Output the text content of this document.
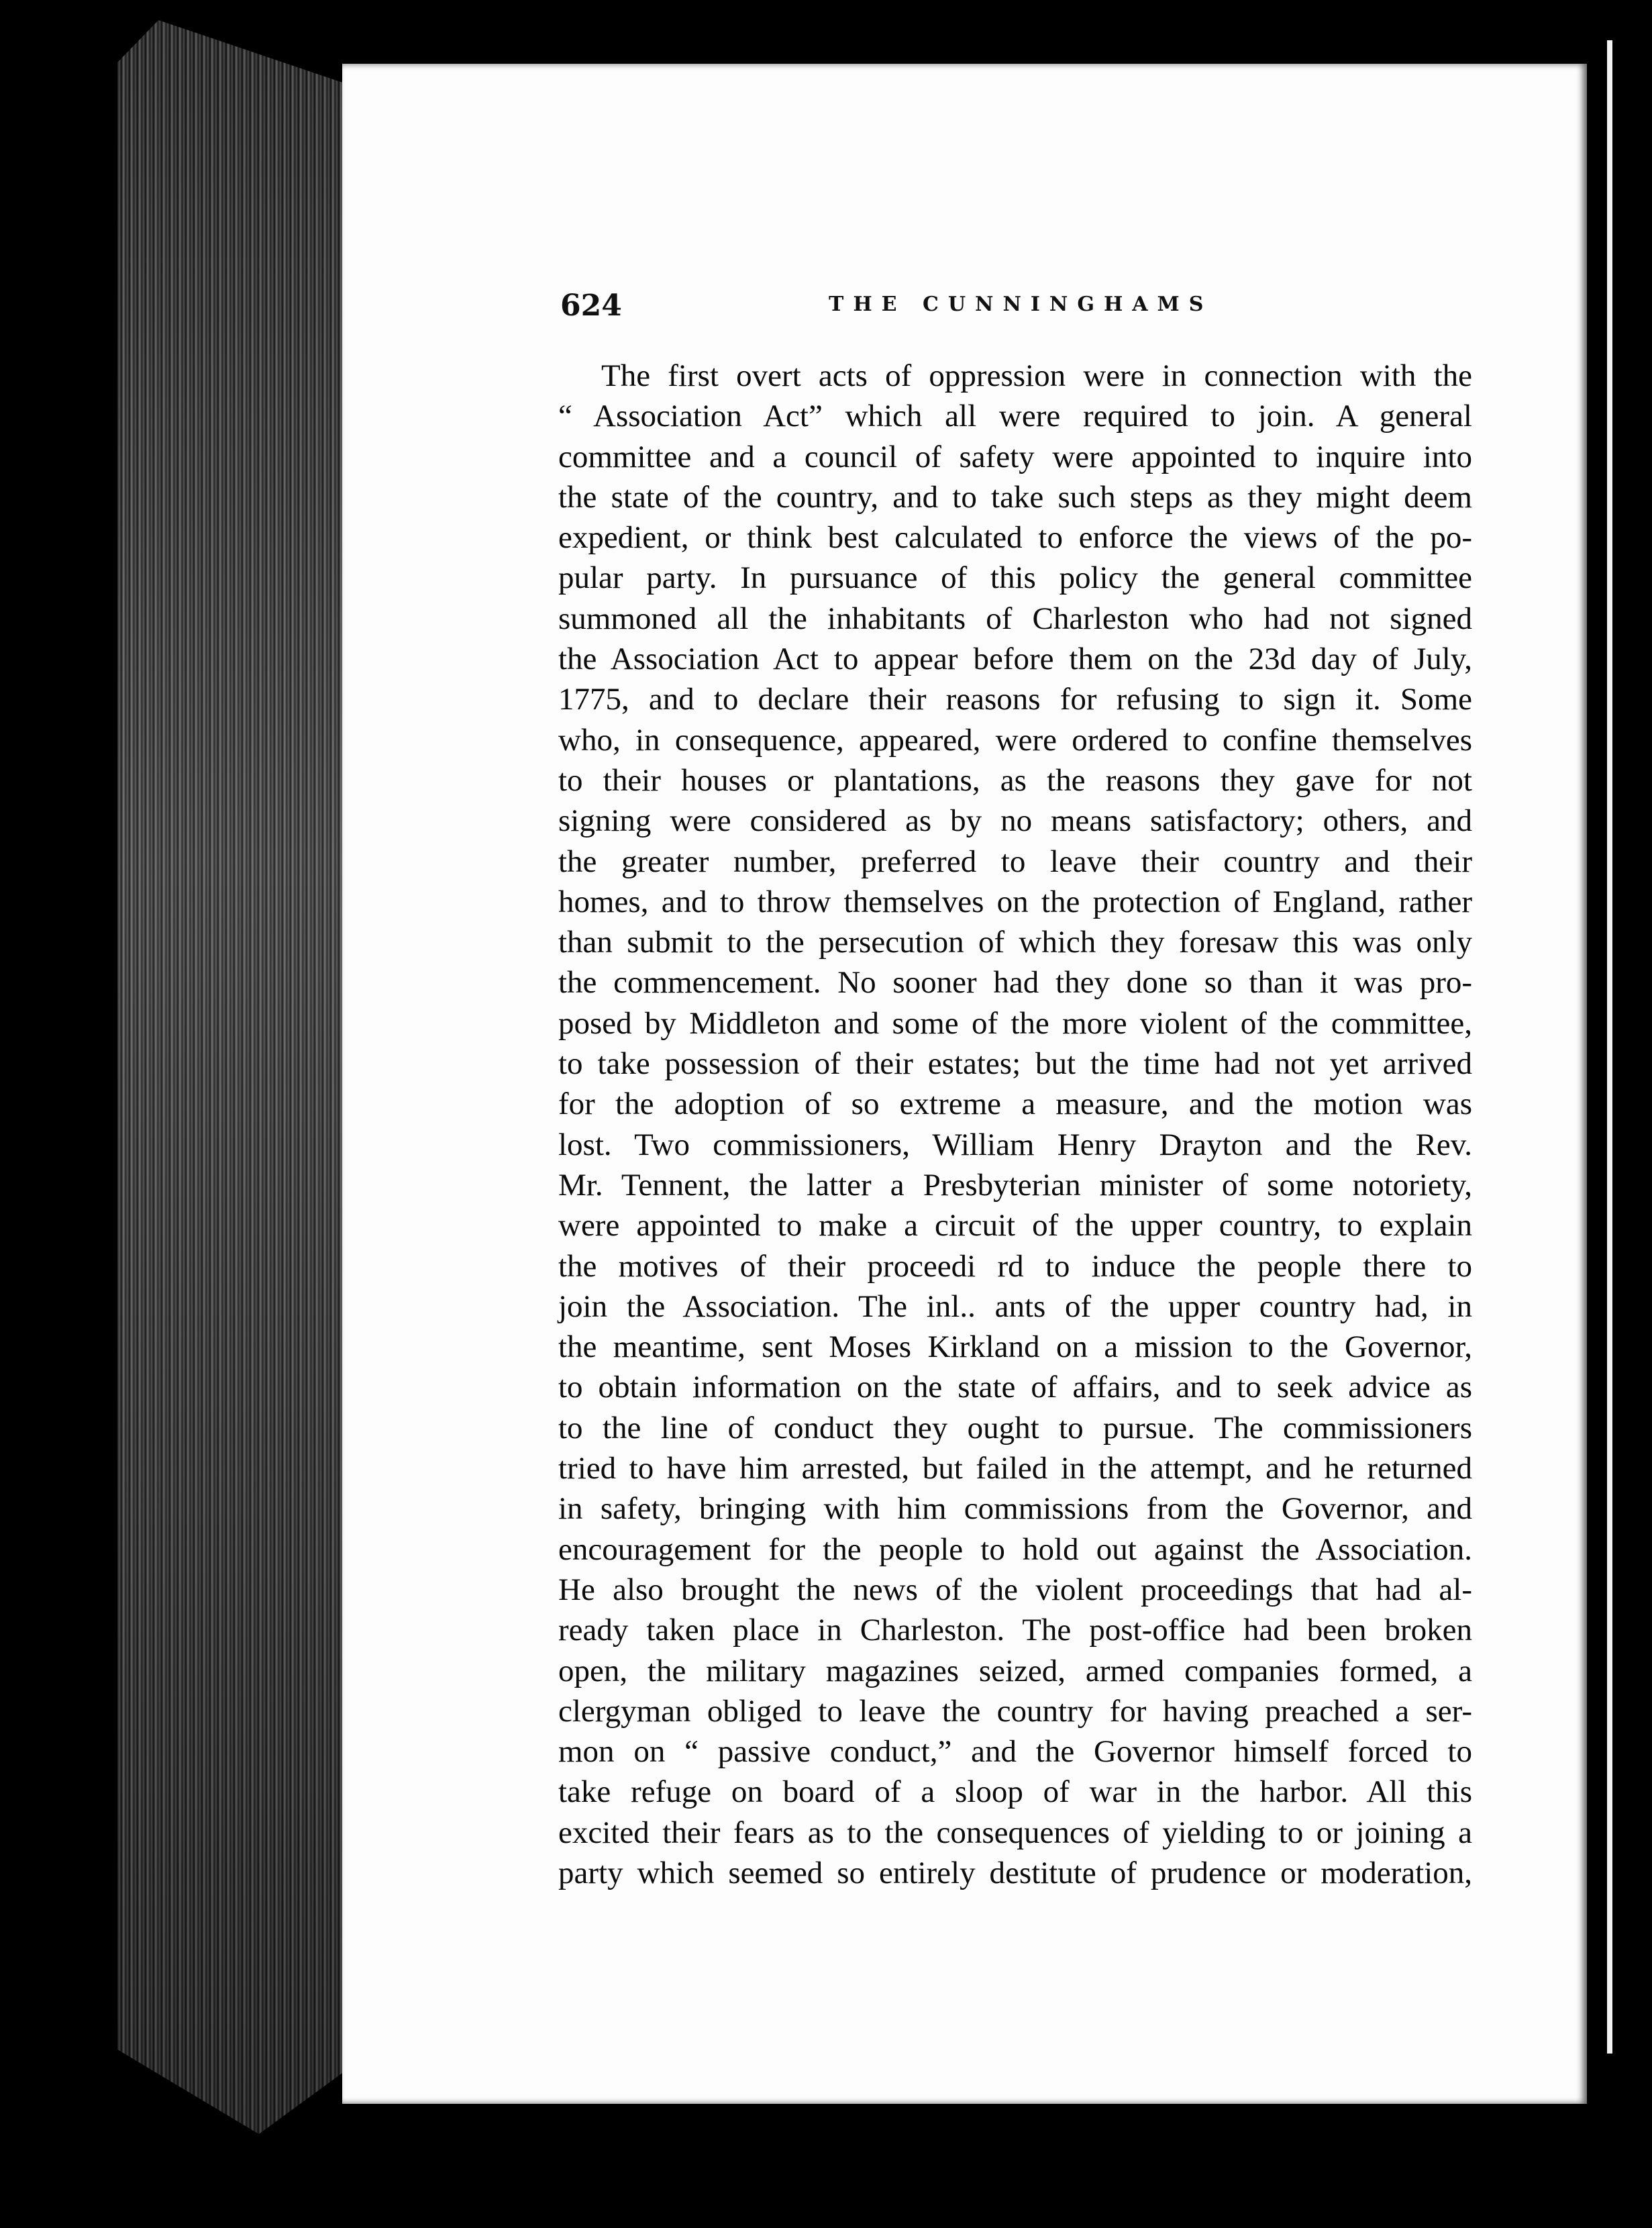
624	THE CUNNINGHAMS
The first overt acts of oppression were in connection with the
“ Association Act” which all were required to join. A general
committee and a council of safety were appointed to inquire into
the state of the country, and to take such steps as they might deem
expedient, or think best calculated to enforce the views of the po-
pular party. In pursuance of this policy the general committee
summoned all the inhabitants of Charleston who had not signed
the Association Act to appear before them on the 23d day of July,
1775, and to declare their reasons for refusing to sign it. Some
who, in consequence, appeared, were ordered to confine themselves
to their houses or plantations, as the reasons they gave for not
signing were considered as by no means satisfactory; others, and
the greater number, preferred to leave their country and their
homes, and to throw themselves on the protection of England, rather
than submit to the persecution of which they foresaw this was only
the commencement. No sooner had they done so than it was pro-
posed by Middleton and some of the more violent of the committee,
to take possession of their estates; but the time had not yet arrived
for the adoption of so extreme a measure, and the motion was
lost. Two commissioners, William Henry Drayton and the Rev.
Mr. Tennent, the latter a Presbyterian minister of some notoriety,
were appointed to make a circuit of the upper country, to explain
the motives of their proceedi rd to induce the people there to
join the Association. The inl.. ants of the upper country had, in
the meantime, sent Moses Kirkland on a mission to the Governor,
to obtain information on the state of affairs, and to seek advice as
to the line of conduct they ought to pursue. The commissioners
tried to have him arrested, but failed in the attempt, and he returned
in safety, bringing with him commissions from the Governor, and
encouragement for the people to hold out against the Association.
He also brought the news of the violent proceedings that had al-
ready taken place in Charleston. The post-office had been broken
open, the military magazines seized, armed companies formed, a
clergyman obliged to leave the country for having preached a ser-
mon on “ passive conduct,” and the Governor himself forced to
take refuge on board of a sloop of war in the harbor. All this
excited their fears as to the consequences of yielding to or joining a
party which seemed so entirely destitute of prudence or moderation,
